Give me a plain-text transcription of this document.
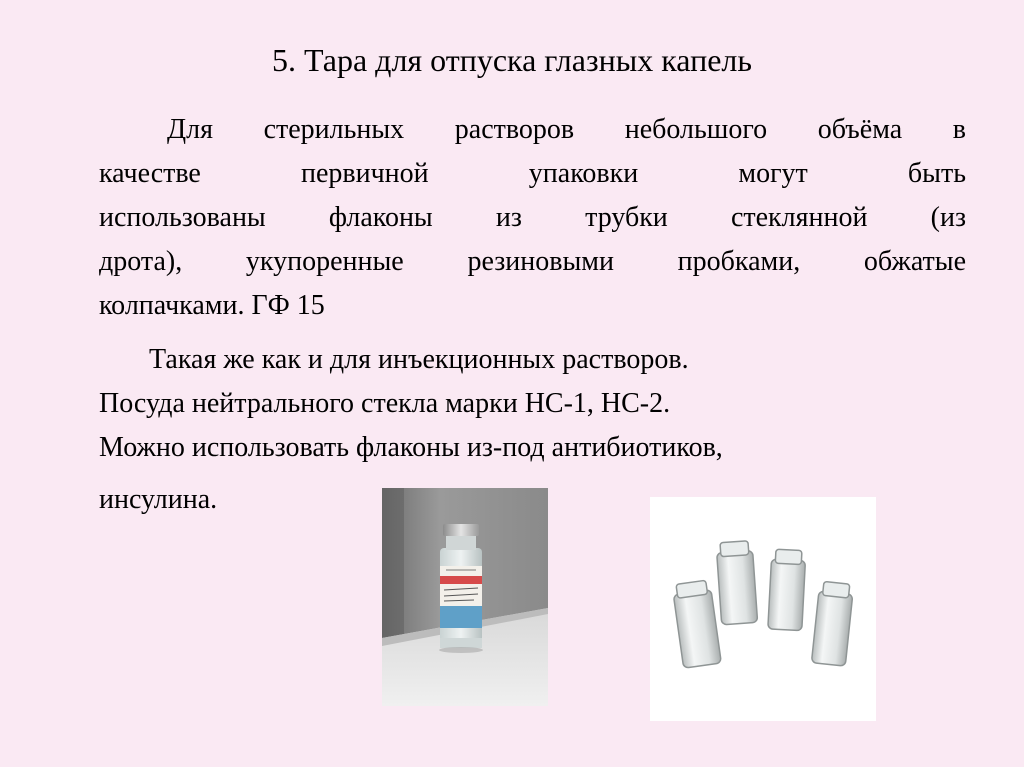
5. Тара для отпуска глазных капель
Для стерильных растворов небольшого объёма в
качестве первичной упаковки могут быть
использованы флаконы из трубки стеклянной (из
дрота), укупоренные резиновыми пробками, обжатые
колпачками. ГФ 15
Такая же как и для инъекционных растворов.
Посуда нейтрального стекла марки НС-1, НС-2.
Можно использовать флаконы из-под антибиотиков,
инсулина.
